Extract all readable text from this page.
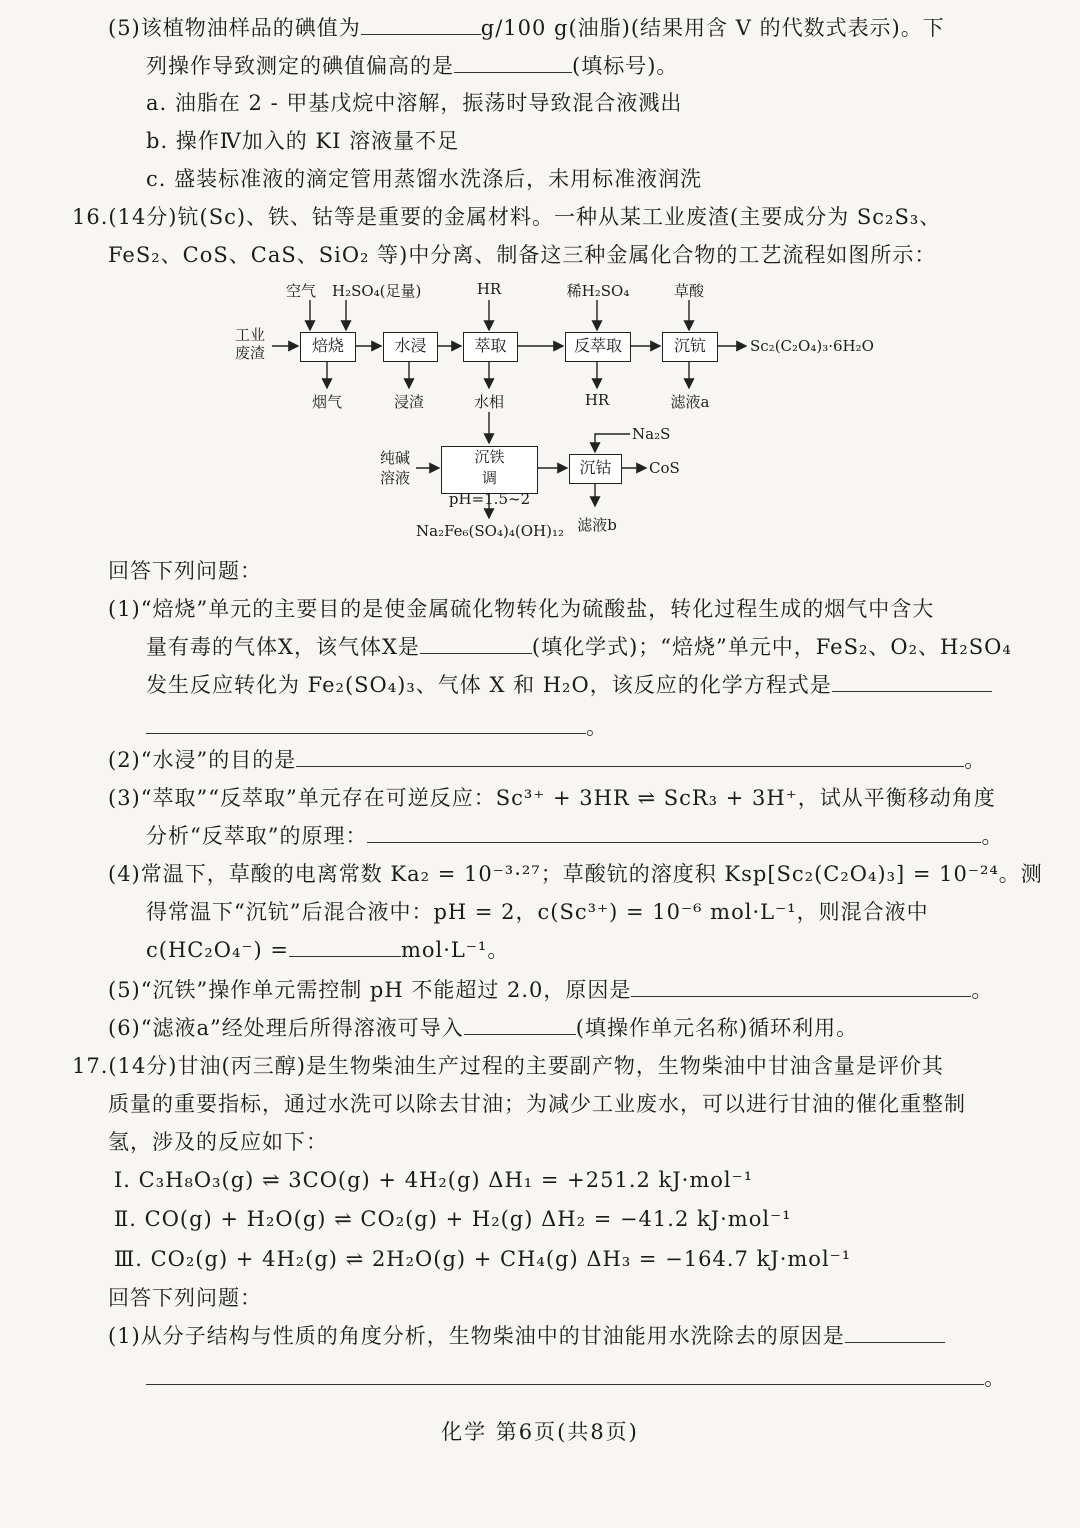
(5)该植物油样品的碘值为	g/100 g(油脂)(结果用含 V 的代数式表示)。下
列操作导致测定的碘值偏高的是	(填标号)。
a. 油脂在 2 - 甲基戊烷中溶解，振荡时导致混合液溅出
b. 操作Ⅳ加入的 KI 溶液量不足
c. 盛装标准液的滴定管用蒸馏水洗涤后，未用标准液润洗
16.(14分)钪(Sc)、铁、钴等是重要的金属材料。一种从某工业废渣(主要成分为 Sc₂S₃、
FeS₂、CoS、CaS、SiO₂ 等)中分离、制备这三种金属化合物的工艺流程如图所示：
工业
废渣	焙烧	水浸	萃取	反萃取	沉钪
空气 H₂SO₄(足量)	HR	稀H₂SO₄	草酸
烟气	浸渣	水相	HR	滤液a
Sc₂(C₂O₄)₃·6H₂O
纯碱
溶液
沉铁
调pH=1.5~2
沉钴
Na₂S
CoS
Na₂Fe₆(SO₄)₄(OH)₁₂ 滤液b
回答下列问题：
(1)“焙烧”单元的主要目的是使金属硫化物转化为硫酸盐，转化过程生成的烟气中含大
量有毒的气体X，该气体X是	(填化学式)；“焙烧”单元中，FeS₂、O₂、H₂SO₄
发生反应转化为 Fe₂(SO₄)₃、气体 X 和 H₂O，该反应的化学方程式是
。
(2)“水浸”的目的是	。
(3)“萃取”“反萃取”单元存在可逆反应：Sc³⁺ + 3HR ⇌ ScR₃ + 3H⁺，试从平衡移动角度
分析“反萃取”的原理：	。
(4)常温下，草酸的电离常数 Ka₂ = 10⁻³·²⁷；草酸钪的溶度积 Ksp[Sc₂(C₂O₄)₃] = 10⁻²⁴。测
得常温下“沉钪”后混合液中：pH = 2，c(Sc³⁺) = 10⁻⁶ mol·L⁻¹，则混合液中
c(HC₂O₄⁻) =	mol·L⁻¹。
(5)“沉铁”操作单元需控制 pH 不能超过 2.0，原因是	。
(6)“滤液a”经处理后所得溶液可导入	(填操作单元名称)循环利用。
17.(14分)甘油(丙三醇)是生物柴油生产过程的主要副产物，生物柴油中甘油含量是评价其
质量的重要指标，通过水洗可以除去甘油；为减少工业废水，可以进行甘油的催化重整制
氢，涉及的反应如下：
Ⅰ. C₃H₈O₃(g) ⇌ 3CO(g) + 4H₂(g) ΔH₁ = +251.2 kJ·mol⁻¹
Ⅱ. CO(g) + H₂O(g) ⇌ CO₂(g) + H₂(g) ΔH₂ = −41.2 kJ·mol⁻¹
Ⅲ. CO₂(g) + 4H₂(g) ⇌ 2H₂O(g) + CH₄(g) ΔH₃ = −164.7 kJ·mol⁻¹
回答下列问题：
(1)从分子结构与性质的角度分析，生物柴油中的甘油能用水洗除去的原因是
。
化学 第6页(共8页)
